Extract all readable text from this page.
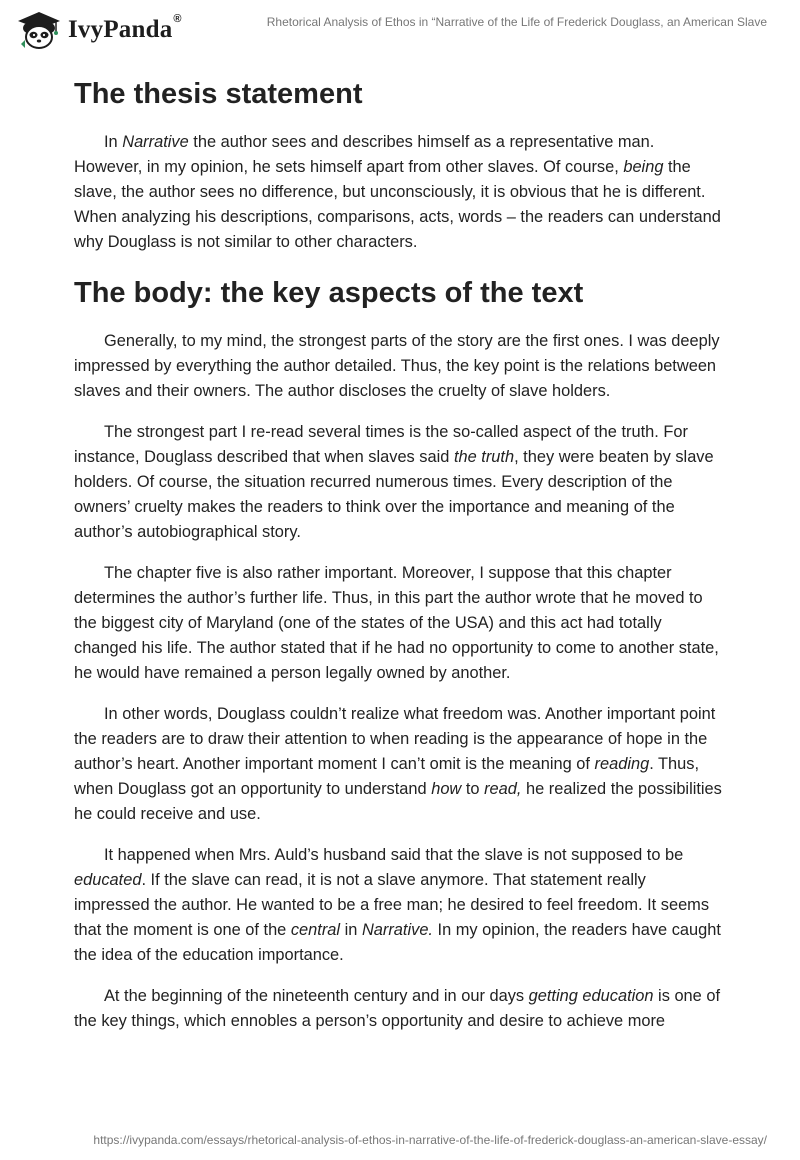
IvyPanda®	Rhetorical Analysis of Ethos in “Narrative of the Life of Frederick Douglass, an American Slave
The thesis statement

In Narrative the author sees and describes himself as a representative man. However, in my opinion, he sets himself apart from other slaves. Of course, being the slave, the author sees no difference, but unconsciously, it is obvious that he is different. When analyzing his descriptions, comparisons, acts, words – the readers can understand why Douglass is not similar to other characters.

The body: the key aspects of the text

Generally, to my mind, the strongest parts of the story are the first ones. I was deeply impressed by everything the author detailed. Thus, the key point is the relations between slaves and their owners. The author discloses the cruelty of slave holders.

The strongest part I re-read several times is the so-called aspect of the truth. For instance, Douglass described that when slaves said the truth, they were beaten by slave holders. Of course, the situation recurred numerous times. Every description of the owners’ cruelty makes the readers to think over the importance and meaning of the author’s autobiographical story.

The chapter five is also rather important. Moreover, I suppose that this chapter determines the author’s further life. Thus, in this part the author wrote that he moved to the biggest city of Maryland (one of the states of the USA) and this act had totally changed his life. The author stated that if he had no opportunity to come to another state, he would have remained a person legally owned by another.

In other words, Douglass couldn’t realize what freedom was. Another important point the readers are to draw their attention to when reading is the appearance of hope in the author’s heart. Another important moment I can’t omit is the meaning of reading. Thus, when Douglass got an opportunity to understand how to read, he realized the possibilities he could receive and use.

It happened when Mrs. Auld’s husband said that the slave is not supposed to be educated. If the slave can read, it is not a slave anymore. That statement really impressed the author. He wanted to be a free man; he desired to feel freedom. It seems that the moment is one of the central in Narrative. In my opinion, the readers have caught the idea of the education importance.

At the beginning of the nineteenth century and in our days getting education is one of the key things, which ennobles a person’s opportunity and desire to achieve more

https://ivypanda.com/essays/rhetorical-analysis-of-ethos-in-narrative-of-the-life-of-frederick-douglass-an-american-slave-essay/
